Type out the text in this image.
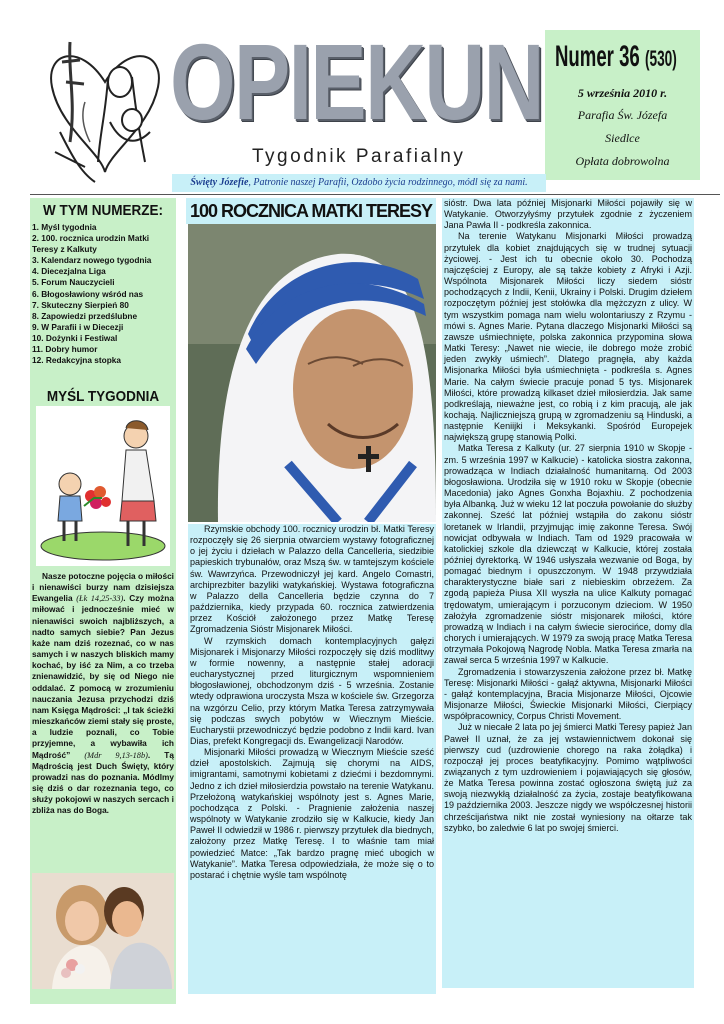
OPIEKUN
Tygodnik Parafialny
Numer 36 (530)
5 września 2010 r.
Parafia Św. Józefa
Siedlce
Opłata dobrowolna
Święty Józefie, Patronie naszej Parafii, Ozdobo życia rodzinnego, módl się za nami.
W TYM NUMERZE:
1. Myśl tygodnia
2. 100. rocznica urodzin Matki Teresy z Kalkuty
3. Kalendarz nowego tygodnia
4. Diecezjalna Liga
5. Forum Nauczycieli
6. Błogosławiony wśród nas
7. Skuteczny Sierpień 80
8. Zapowiedzi przedślubne
9. W Parafii i w Diecezji
10. Dożynki i Festiwal
11. Dobry humor
12. Redakcyjna stopka
MYŚL TYGODNIA
Nasze potoczne pojęcia o miłości i nienawiści burzy nam dzisiejsza Ewangelia (Łk 14,25-33). Czy można miłować i jednocześnie mieć w nienawiści swoich najbliższych, a nadto samych siebie? Pan Jezus każe nam dziś rozeznać, co w nas samych i w naszych bliskich mamy kochać, by iść za Nim, a co trzeba znienawidzić, by się od Niego nie oddalać. Z pomocą w zrozumieniu nauczania Jezusa przychodzi dziś nam Księga Mądrości: „I tak ścieżki mieszkańców ziemi stały się proste, a ludzie poznali, co Tobie przyjemne, a wybawiła ich Mądrość” (Mdr 9,13-18b). Tą Mądrością jest Duch Święty, który prowadzi nas do poznania. Módlmy się dziś o dar rozeznania tego, co służy pokojowi w naszych sercach i zbliża nas do Boga.
100 ROCZNICA MATKI TERESY

Rzymskie obchody 100. rocznicy urodzin bł. Matki Teresy rozpoczęły się 26 sierpnia otwarciem wystawy fotograficznej o jej życiu i dziełach w Palazzo della Cancelleria, siedzibie papieskich trybunałów, oraz Mszą św. w tamtejszym kościele św. Wawrzyńca. Przewodniczył jej kard. Angelo Comastri, archiprezbiter bazyliki watykańskiej. Wystawa fotograficzna w Palazzo della Cancelleria będzie czynna do 7 października, kiedy przypada 60. rocznica zatwierdzenia przez Kościół założonego przez Matkę Teresę Zgromadzenia Sióstr Misjonarek Miłości.

W rzymskich domach kontemplacyjnych gałęzi Misjonarek i Misjonarzy Miłości rozpoczęły się dziś modlitwy w formie nowenny, a następnie stałej adoracji eucharystycznej przed liturgicznym wspomnieniem błogosławionej, obchodzonym dziś - 5 września. Zostanie wtedy odprawiona uroczysta Msza w kościele św. Grzegorza na wzgórzu Celio, przy którym Matka Teresa zatrzymywała się podczas swych pobytów w Wiecznym Mieście. Eucharystii przewodniczyć będzie podobno z Indii kard. Ivan Dias, prefekt Kongregacji ds. Ewangelizacji Narodów.

Misjonarki Miłości prowadzą w Wiecznym Mieście sześć dzieł apostolskich. Zajmują się chorymi na AIDS, imigrantami, samotnymi kobietami z dziećmi i bezdomnymi. Jedno z ich dzieł miłosierdzia powstało na terenie Watykanu. Przełożoną watykańskiej wspólnoty jest s. Agnes Marie, pochodząca z Polski. - Pragnienie założenia naszej wspólnoty w Watykanie zrodziło się w Kalkucie, kiedy Jan Paweł II odwiedził w 1986 r. pierwszy przytułek dla biednych, założony przez Matkę Teresę. I to właśnie tam miał powiedzieć Matce: „Tak bardzo pragnę mieć ubogich w Watykanie”. Matka Teresa odpowiedziała, że może się o to postarać i chętnie wyśle tam wspólnotę

sióstr. Dwa lata później Misjonarki Miłości pojawiły się w Watykanie. Otworzyłyśmy przytułek zgodnie z życzeniem Jana Pawła II - podkreśla zakonnica.

Na terenie Watykanu Misjonarki Miłości prowadzą przytułek dla kobiet znajdujących się w trudnej sytuacji życiowej. - Jest ich tu obecnie około 30. Pochodzą najczęściej z Europy, ale są także kobiety z Afryki i Azji. Wspólnota Misjonarek Miłości liczy siedem sióstr pochodzących z Indii, Kenii, Ukrainy i Polski. Drugim dziełem rozpoczętym później jest stołówka dla mężczyzn z ulicy. W tym wszystkim pomaga nam wielu wolontariuszy z Rzymu - mówi s. Agnes Marie. Pytana dlaczego Misjonarki Miłości są zawsze uśmiechnięte, polska zakonnica przypomina słowa Matki Teresy: „Nawet nie wiecie, ile dobrego może zrobić jeden zwykły uśmiech”. Dlatego pragnęła, aby każda Misjonarka Miłości była uśmiechnięta - podkreśla s. Agnes Marie. Na całym świecie pracuje ponad 5 tys. Misjonarek Miłości, które prowadzą kilkaset dzieł miłosierdzia. Jak same podkreślają, nieważne jest, co robią i z kim pracują, ale jak kochają. Najliczniejszą grupą w zgromadzeniu są Hinduski, a następnie Keniijki i Meksykanki. Spośród Europejek największą grupę stanowią Polki.

Matka Teresa z Kalkuty (ur. 27 sierpnia 1910 w Skopje - zm. 5 września 1997 w Kalkucie) - katolicka siostra zakonna, prowadząca w Indiach działalność humanitarną. Od 2003 błogosławiona. Urodziła się w 1910 roku w Skopje (obecnie Macedonia) jako Agnes Gonxha Bojaxhiu. Z pochodzenia była Albanką. Już w wieku 12 lat poczuła powołanie do służby zakonnej. Sześć lat później wstąpiła do zakonu sióstr loretanek w Irlandii, przyjmując imię zakonne Teresa. Swój nowicjat odbywała w Indiach. Tam od 1929 pracowała w katolickiej szkole dla dziewcząt w Kalkucie, której została później dyrektorką. W 1946 usłyszała wezwanie od Boga, by pomagać biednym i opuszczonym. W 1948 przywdziała charakterystyczne białe sari z niebieskim obrzeżem. Za zgodą papieża Piusa XII wyszła na ulice Kalkuty pomagać trędowatym, umierającym i porzuconym dzieciom. W 1950 założyła zgromadzenie sióstr misjonarek miłości, które prowadzą w Indiach i na całym świecie sierocińce, domy dla chorych i umierających. W 1979 za swoją pracę Matka Teresa otrzymała Pokojową Nagrodę Nobla. Matka Teresa zmarła na zawał serca 5 września 1997 w Kalkucie.

Zgromadzenia i stowarzyszenia założone przez bł. Matkę Teresę: Misjonarki Miłości - gałąź aktywna, Misjonarki Miłości - gałąź kontemplacyjna, Bracia Misjonarze Miłości, Ojcowie Misjonarze Miłości, Świeckie Misjonarki Miłości, Cierpiący współpracownicy, Corpus Christi Movement.

Już w niecałe 2 lata po jej śmierci Matki Teresy papież Jan Paweł II uznał, że za jej wstawiennictwem dokonał się pierwszy cud (uzdrowienie chorego na raka żołądka) i rozpoczął jej proces beatyfikacyjny. Pomimo wątpliwości związanych z tym uzdrowieniem i pojawiających się głosów, że Matka Teresa powinna zostać ogłoszona świętą już za swoją niezwykłą działalność za życia, zostaje beatyfikowana 19 października 2003. Jeszcze nigdy we współczesnej historii chrześcijaństwa nikt nie został wyniesiony na ołtarze tak szybko, bo zaledwie 6 lat po swojej śmierci.
